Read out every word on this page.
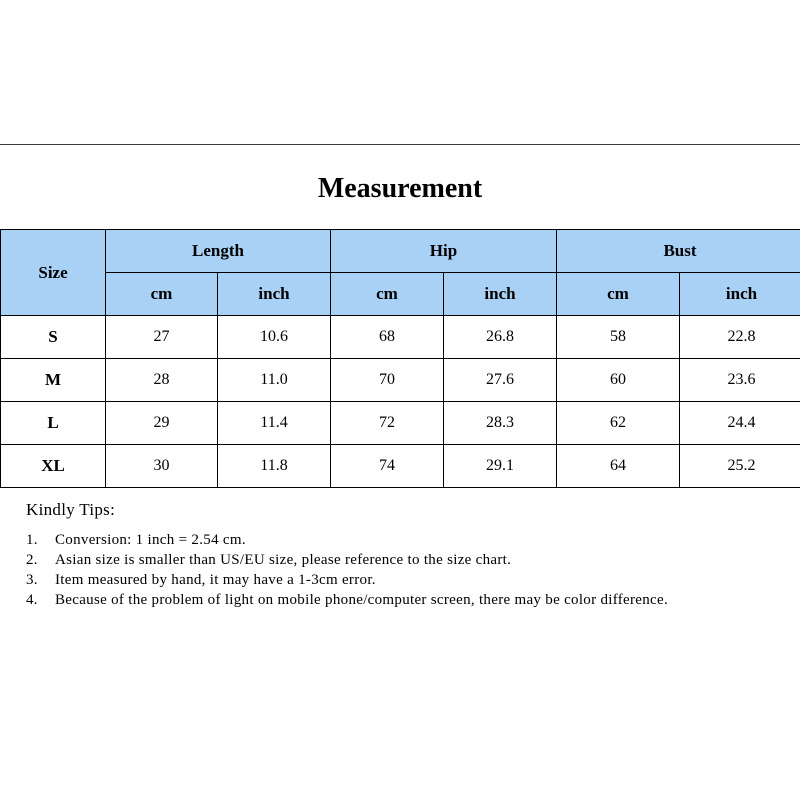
Measurement
Size	Length		Hip		Bust	
	cm	inch	cm	inch	cm	inch
S	27	10.6	68	26.8	58	22.8
M	28	11.0	70	27.6	60	23.6
L	29	11.4	72	28.3	62	24.4
XL	30	11.8	74	29.1	64	25.2
Kindly Tips:
1. Conversion: 1 inch = 2.54 cm.
2. Asian size is smaller than US/EU size, please reference to the size chart.
3. Item measured by hand, it may have a 1-3cm error.
4. Because of the problem of light on mobile phone/computer screen, there may be color difference.
